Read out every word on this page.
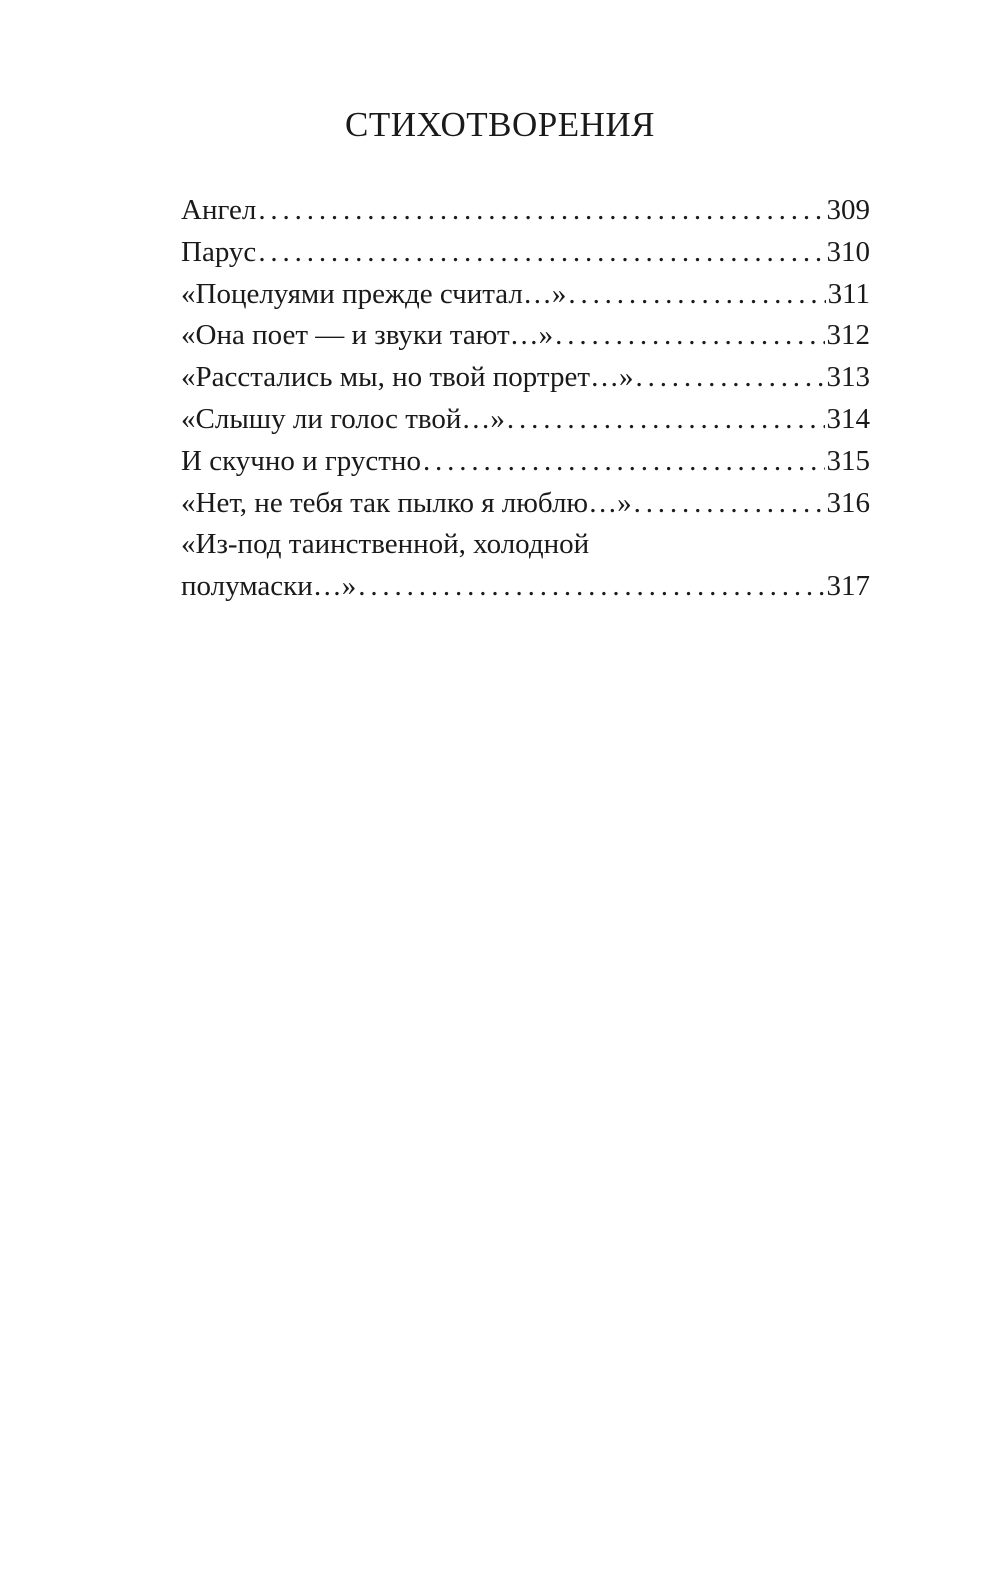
СТИХОТВОРЕНИЯ
Ангел . . .	309
Парус . . .	310
«Поцелуями прежде считал…» . . .	311
«Она поет — и звуки тают…» . . .	312
«Расстались мы, но твой портрет…» . . .	313
«Слышу ли голос твой…» . . .	314
И скучно и грустно . . .	315
«Нет, не тебя так пылко я люблю…» . . .	316
«Из-под таинственной, холодной
полумаски…» . . .	317
